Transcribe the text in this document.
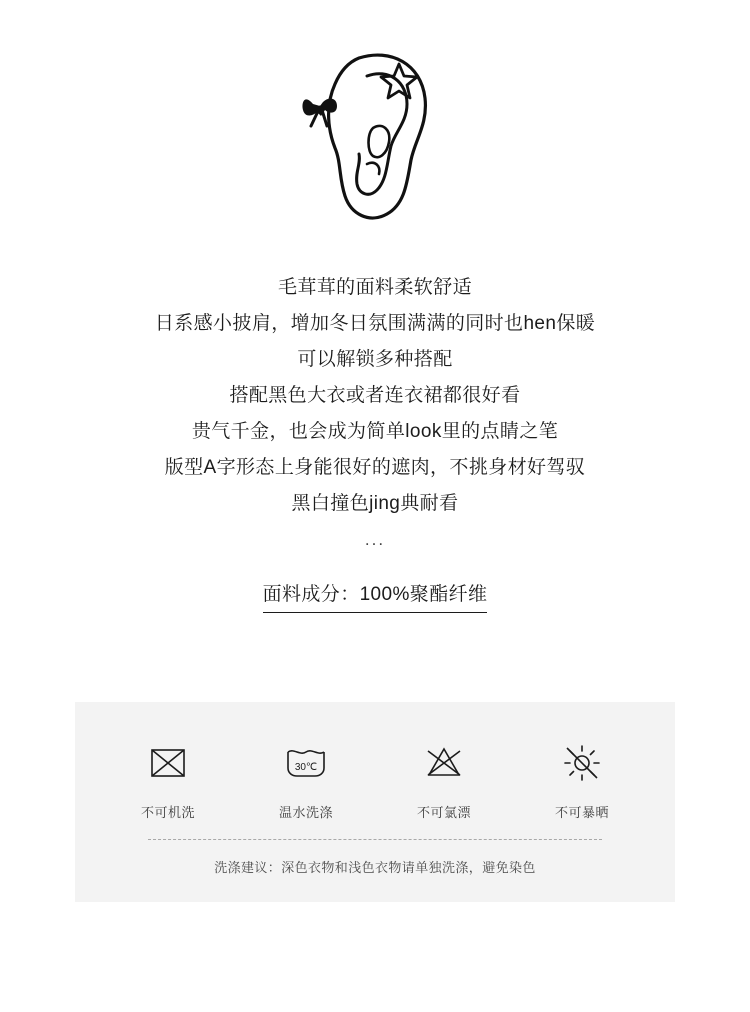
毛茸茸的面料柔软舒适
日系感小披肩，增加冬日氛围满满的同时也hen保暖
可以解锁多种搭配
搭配黑色大衣或者连衣裙都很好看
贵气千金，也会成为简单look里的点睛之笔
版型A字形态上身能很好的遮肉，不挑身材好驾驭
黑白撞色jing典耐看
...
面料成分：100%聚酯纤维
不可机洗
30℃
温水洗涤	不可氯漂	不可暴晒
洗涤建议：深色衣物和浅色衣物请单独洗涤，避免染色
